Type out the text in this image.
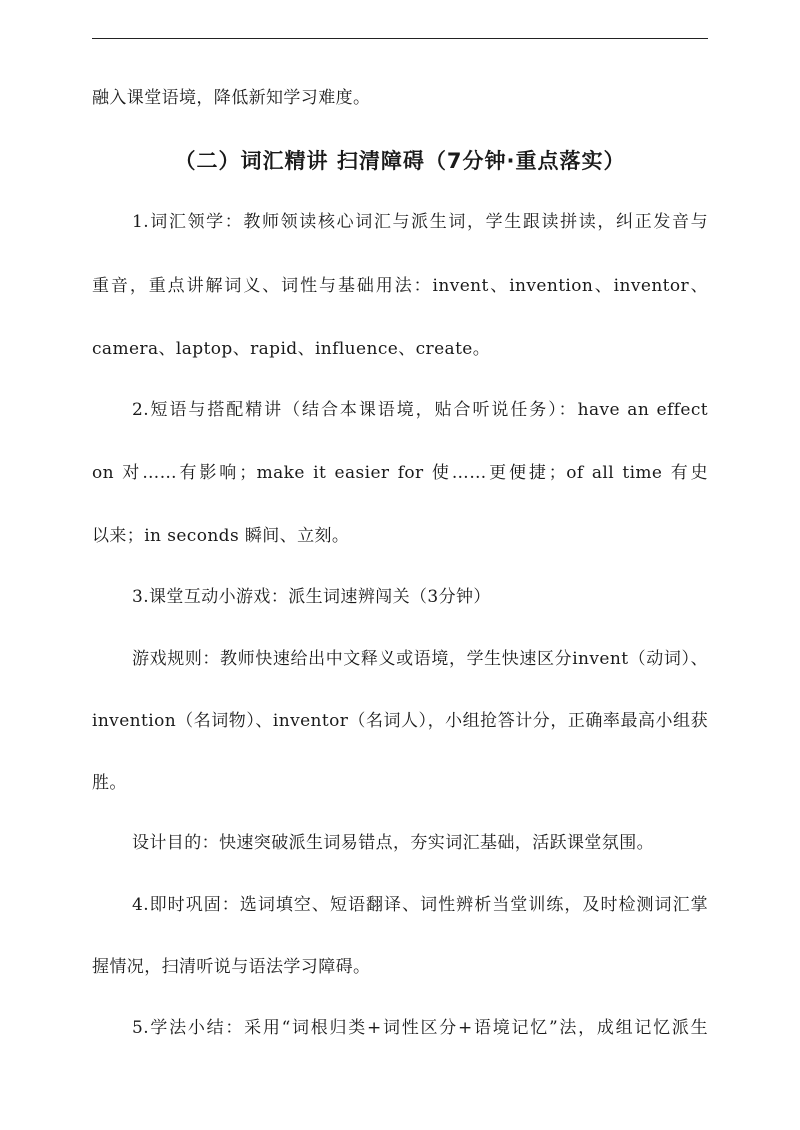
融入课堂语境，降低新知学习难度。
（二）词汇精讲 扫清障碍（7分钟·重点落实）
1.词汇领学：教师领读核心词汇与派生词，学生跟读拼读，纠正发音与
重音，重点讲解词义、词性与基础用法：invent、invention、inventor、
camera、laptop、rapid、influence、create。
2.短语与搭配精讲（结合本课语境，贴合听说任务）：have an effect
on 对……有影响；make it easier for 使……更便捷；of all time 有史
以来；in seconds 瞬间、立刻。
3.课堂互动小游戏：派生词速辨闯关（3分钟）
游戏规则：教师快速给出中文释义或语境，学生快速区分invent（动词）、
invention（名词物）、inventor（名词人），小组抢答计分，正确率最高小组获
胜。
设计目的：快速突破派生词易错点，夯实词汇基础，活跃课堂氛围。
4.即时巩固：选词填空、短语翻译、词性辨析当堂训练，及时检测词汇掌
握情况，扫清听说与语法学习障碍。
5.学法小结：采用“词根归类+词性区分+语境记忆”法，成组记忆派生
